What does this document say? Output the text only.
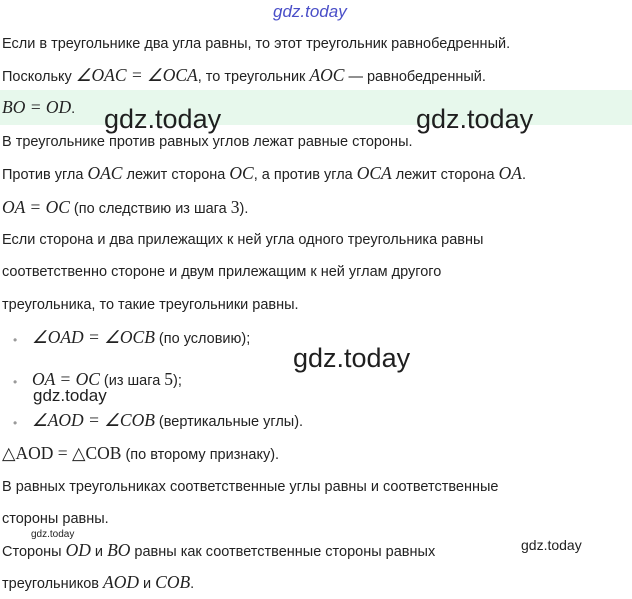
gdz.today
Если в треугольнике два угла равны, то этот треугольник равнобедренный.
Поскольку ∠OAC = ∠OCA, то треугольник AOC — равнобедренный.
BO = OD. gdz.today	gdz.today
В треугольнике против равных углов лежат равные стороны.
Против угла OAC лежит сторона OC, а против угла OCA лежит сторона OA.
OA = OC (по следствию из шага 3).
Если сторона и два прилежащих к ней угла одного треугольника равны
соответственно стороне и двум прилежащим к ней углам другого
треугольника, то такие треугольники равны.
• ∠OAD = ∠OCB (по условию);
gdz.today
• OA = OC (из шага 5);
gdz.today
• ∠AOD = ∠COB (вертикальные углы).
△AOD = △COB (по второму признаку).
В равных треугольниках соответственные углы равны и соответственные
стороны равны.
gdz.today
Стороны OD и BO равны как соответственные стороны равных	gdz.today
треугольников AOD и COB.
